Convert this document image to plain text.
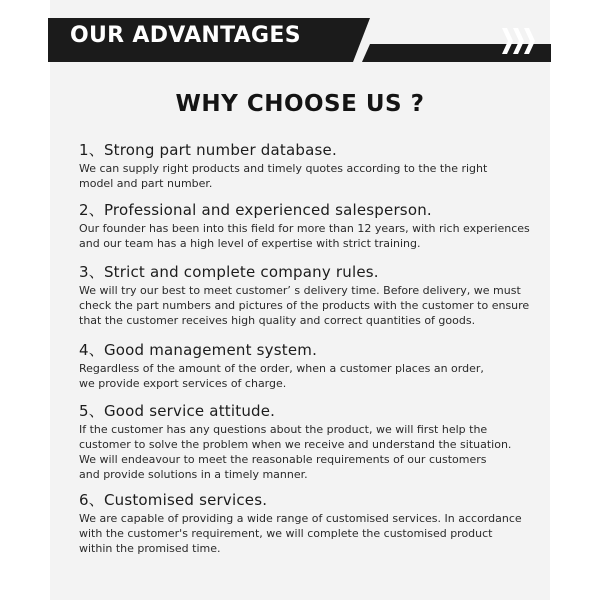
OUR ADVANTAGES
WHY CHOOSE US ?
1、Strong part number database.
We can supply right products and timely quotes according to the the right
model and part number.
2、Professional and experienced salesperson.
Our founder has been into this field for more than 12 years, with rich experiences
and our team has a high level of expertise with strict training.
3、Strict and complete company rules.
We will try our best to meet customer’ s delivery time. Before delivery, we must
check the part numbers and pictures of the products with the customer to ensure
that the customer receives high quality and correct quantities of goods.
4、Good management system.
Regardless of the amount of the order, when a customer places an order,
we provide export services of charge.
5、Good service attitude.
If the customer has any questions about the product, we will first help the
customer to solve the problem when we receive and understand the situation.
We will endeavour to meet the reasonable requirements of our customers
and provide solutions in a timely manner.
6、Customised services.
We are capable of providing a wide range of customised services. In accordance
with the customer's requirement, we will complete the customised product
within the promised time.
